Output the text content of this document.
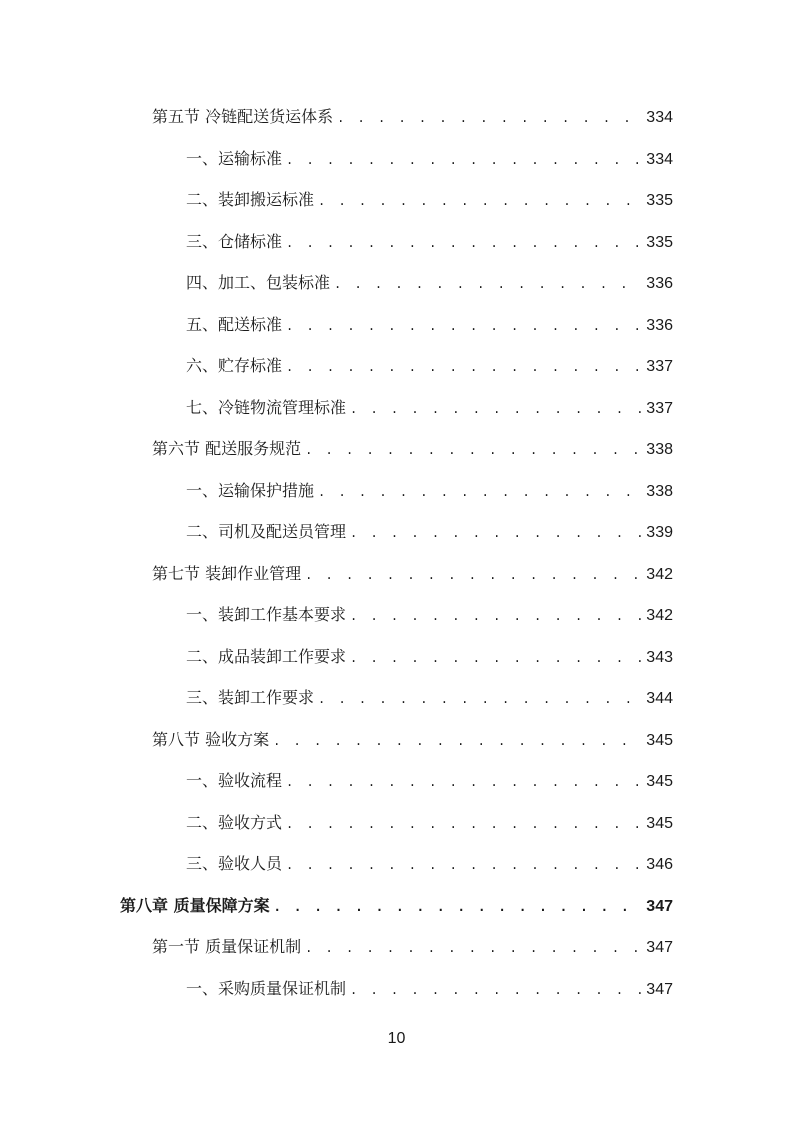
第五节 冷链配送货运体系 . . .	334
一、运输标准 . . .	334
二、装卸搬运标准 . . .	335
三、仓储标准 . . .	335
四、加工、包装标准 . . .	336
五、配送标准 . . .	336
六、贮存标准 . . .	337
七、冷链物流管理标准 . . .	337
第六节 配送服务规范 . . .	338
一、运输保护措施 . . .	338
二、司机及配送员管理 . . .	339
第七节 装卸作业管理 . . .	342
一、装卸工作基本要求 . . .	342
二、成品装卸工作要求 . . .	343
三、装卸工作要求 . . .	344
第八节 验收方案 . . .	345
一、验收流程 . . .	345
二、验收方式 . . .	345
三、验收人员 . . .	346
第八章 质量保障方案 . . .	347
第一节 质量保证机制 . . .	347
一、采购质量保证机制 . . .	347
10
